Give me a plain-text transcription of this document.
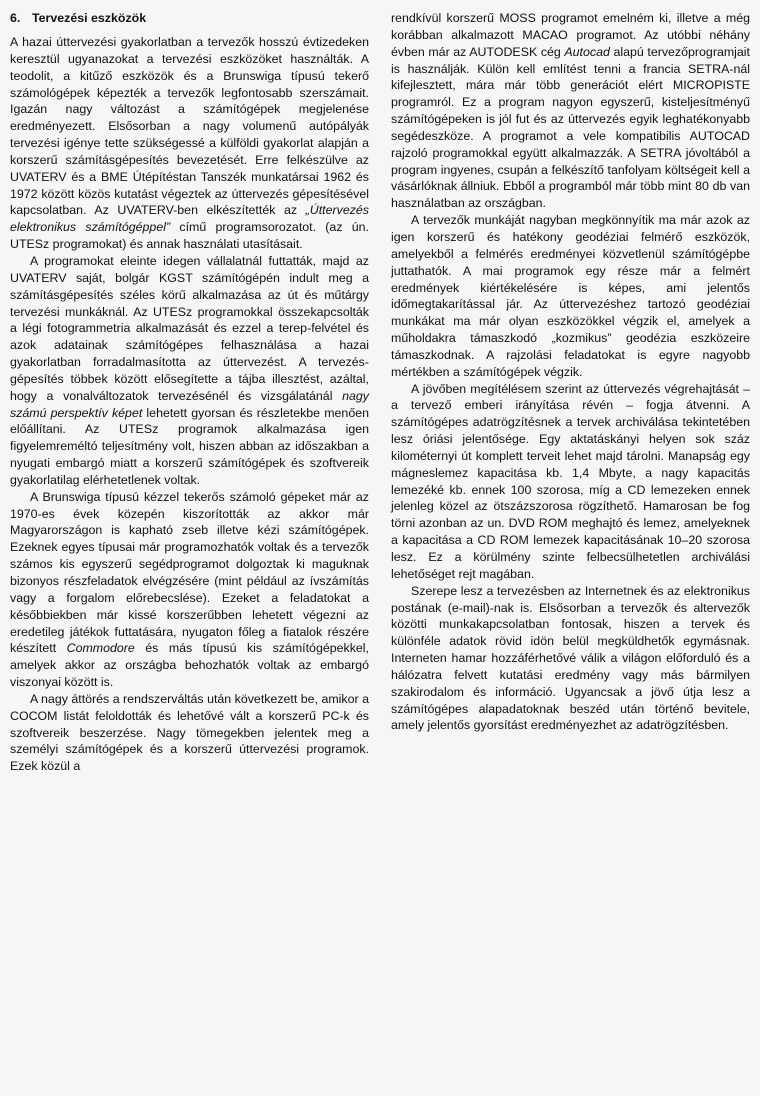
6. Tervezési eszközök

A hazai úttervezési gyakorlatban a tervezők hosszú évtizedeken keresztül ugyanazokat a tervezési eszközöket használták. A teodolit, a kitűző eszközök és a Brunswiga típusú tekerő számológépek képezték a tervezők legfontosabb szerszámait. Igazán nagy változást a számítógépek megjelenése eredményezett. Elsősorban a nagy volumenű autópályák tervezési igénye tette szükségessé a külföldi gyakorlat alapján a korszerű számításgépesítés bevezetését. Erre felkészülve az UVATERV és a BME Útépítéstan Tanszék munkatársai 1962 és 1972 között közös kutatást végeztek az úttervezés gépesítésével kapcsolatban. Az UVATERV-ben elkészítették az „Úttervezés elektronikus számítógéppel” című programsorozatot. (az ún. UTESz programokat) és annak használati utasításait.

A programokat eleinte idegen vállalatnál futtatták, majd az UVATERV saját, bolgár KGST számítógépén indult meg a számításgépesítés széles körű alkalmazása az út és műtárgy tervezési munkáknál. Az UTESz programokkal összekapcsolták a légi fotogrammetria alkalmazását és ezzel a terep-felvétel és azok adatainak számítógépes felhasználása a hazai gyakorlatban forradalmasította az úttervezést. A tervezés-gépesítés többek között elősegítette a tájba illesztést, azáltal, hogy a vonalváltozatok tervezésénél és vizsgálatánál nagy számú perspektív képet lehetett gyorsan és részletekbe menően előállítani. Az UTESz programok alkalmazása igen figyelemreméltó teljesítmény volt, hiszen abban az időszakban a nyugati embargó miatt a korszerű számítógépek és szoftvereik gyakorlatilag elérhetetlenek voltak.

A Brunswiga típusú kézzel tekerős számoló gépeket már az 1970-es évek közepén kiszorították az akkor már Magyarországon is kapható zseb illetve kézi számítógépek. Ezeknek egyes típusai már programozhatók voltak és a tervezők számos kis egyszerű segédprogramot dolgoztak ki maguknak bizonyos részfeladatok elvégzésére (mint például az ívszámítás vagy a forgalom előrebecslése). Ezeket a feladatokat a későbbiekben már kissé korszerűbben lehetett végezni az eredetileg játékok futtatására, nyugaton főleg a fiatalok részére készített Commodore és más típusú kis számítógépekkel, amelyek akkor az országba behozhatók voltak az embargó viszonyai között is.

A nagy áttörés a rendszerváltás után következett be, amikor a COCOM listát feloldották és lehetővé vált a korszerű PC-k és szoftvereik beszerzése. Nagy tömegekben jelentek meg a személyi számítógépek és a korszerű úttervezési programok. Ezek közül a

rendkívül korszerű MOSS programot emelném ki, illetve a még korábban alkalmazott MACAO programot. Az utóbbi néhány évben már az AUTODESK cég Autocad alapú tervezőprogramjait is használják. Külön kell említést tenni a francia SETRA-nál kifejlesztett, mára már több generációt elért MICROPISTE programról. Ez a program nagyon egyszerű, kisteljesítményű számítógépeken is jól fut és az úttervezés egyik leghatékonyabb segédeszköze. A programot a vele kompatibilis AUTOCAD rajzoló programokkal együtt alkalmazzák. A SETRA jóvoltából a program ingyenes, csupán a felkészítő tanfolyam költségeit kell a vásárlóknak állniuk. Ebből a programból már több mint 80 db van használatban az országban.

A tervezők munkáját nagyban megkönnyítik ma már azok az igen korszerű és hatékony geodéziai felmérő eszközök, amelyekből a felmérés eredményei közvetlenül számítógépbe juttathatók. A mai programok egy része már a felmért eredmények kiértékelésére is képes, ami jelentős időmegtakarítással jár. Az úttervezéshez tartozó geodéziai munkákat ma már olyan eszközökkel végzik el, amelyek a műholdakra támaszkodó „kozmikus” geodézia eszközeire támaszkodnak. A rajzolási feladatokat is egyre nagyobb mértékben a számítógépek végzik.

A jövőben megítélésem szerint az úttervezés végrehajtását – a tervező emberi irányítása révén – fogja átvenni. A számítógépes adatrögzítésnek a tervek archiválása tekintetében lesz óriási jelentősége. Egy aktatáskányi helyen sok száz kilométernyi út komplett terveit lehet majd tárolni. Manapság egy mágneslemez kapacitása kb. 1,4 Mbyte, a nagy kapacitás lemezéké kb. ennek 100 szorosa, míg a CD lemezeken ennek jelenleg közel az ötszázszorosa rögzíthető. Hamarosan be fog törni azonban az un. DVD ROM meghajtó és lemez, amelyeknek a kapacitása a CD ROM lemezek kapacitásának 10–20 szorosa lesz. Ez a körülmény szinte felbecsülhetetlen archiválási lehetőséget rejt magában.

Szerepe lesz a tervezésben az Internetnek és az elektronikus postának (e-mail)-nak is. Elsősorban a tervezők és altervezők közötti munkakapcsolatban fontosak, hiszen a tervek és különféle adatok rövid idön belül megküldhetők egymásnak. Interneten hamar hozzáférhetővé válik a világon előforduló és a hálózatra felvett kutatási eredmény vagy más bármilyen szakirodalom és információ. Ugyancsak a jövő útja lesz a számítógépes alapadatoknak beszéd után történő bevitele, amely jelentős gyorsítást eredményezhet az adatrögzítésben.
